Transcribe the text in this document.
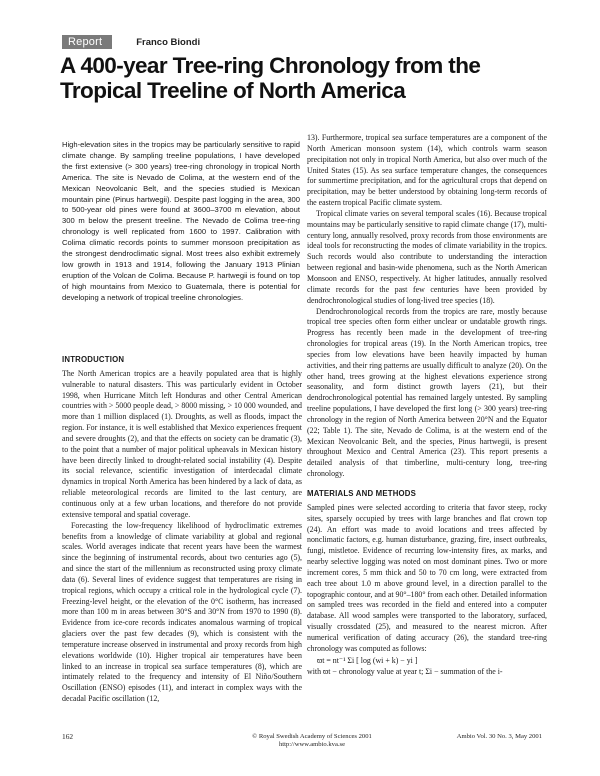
Report	Franco Biondi
A 400-year Tree-ring Chronology from the
Tropical Treeline of North America

High-elevation sites in the tropics may be particularly sensitive to rapid climate change. By sampling treeline populations, I have developed the first extensive (> 300 years) tree-ring chronology in tropical North America. The site is Nevado de Colima, at the western end of the Mexican Neovolcanic Belt, and the species studied is Mexican mountain pine (Pinus hartwegii). Despite past logging in the area, 300 to 500-year old pines were found at 3600–3700 m elevation, about 300 m below the present treeline. The Nevado de Colima tree-ring chronology is well replicated from 1600 to 1997. Calibration with Colima climatic records points to summer monsoon precipitation as the strongest dendroclimatic signal. Most trees also exhibit extremely low growth in 1913 and 1914, following the January 1913 Plinian eruption of the Volcan de Colima. Because P. hartwegii is found on top of high mountains from Mexico to Guatemala, there is potential for developing a network of tropical treeline chronologies.

INTRODUCTION

The North American tropics are a heavily populated area that is highly vulnerable to natural disasters. This was particularly evident in October 1998, when Hurricane Mitch left Honduras and other Central American countries with > 5000 people dead, > 8000 missing, > 10 000 wounded, and more than 1 million displaced (1). Droughts, as well as floods, impact the region. For instance, it is well established that Mexico experiences frequent and severe droughts (2), and that the effects on society can be dramatic (3), to the point that a number of major political upheavals in Mexican history have been directly linked to drought-related social instability (4). Despite its social relevance, scientific investigation of interdecadal climate dynamics in tropical North America has been hindered by a lack of data, as reliable meteorological records are limited to the last century, are continuous only at a few urban locations, and therefore do not provide extensive temporal and spatial coverage.

Forecasting the low-frequency likelihood of hydroclimatic extremes benefits from a knowledge of climate variability at global and regional scales. World averages indicate that recent years have been the warmest since the beginning of instrumental records, about two centuries ago (5), and since the start of the millennium as reconstructed using proxy climate data (6). Several lines of evidence suggest that temperatures are rising in tropical regions, which occupy a critical role in the hydrological cycle (7). Freezing-level height, or the elevation of the 0°C isotherm, has increased more than 100 m in areas between 30°S and 30°N from 1970 to 1990 (8). Evidence from ice-core records indicates anomalous warming of tropical glaciers over the past few decades (9), which is consistent with the temperature increase observed in instrumental and proxy records from high elevations worldwide (10). Higher tropical air temperatures have been linked to an increase in tropical sea surface temperatures (8), which are intimately related to the frequency and intensity of El Niño/Southern Oscillation (ENSO) episodes (11), and interact in complex ways with the decadal Pacific oscillation (12,

13). Furthermore, tropical sea surface temperatures are a component of the North American monsoon system (14), which controls warm season precipitation not only in tropical North America, but also over much of the United States (15). As sea surface temperature changes, the consequences for summertime precipitation, and for the agricultural crops that depend on precipitation, may be better understood by obtaining long-term records of the eastern tropical Pacific climate system.

Tropical climate varies on several temporal scales (16). Because tropical mountains may be particularly sensitive to rapid climate change (17), multi-century long, annually resolved, proxy records from those environments are ideal tools for reconstructing the modes of climate variability in the tropics. Such records would also contribute to understanding the interaction between regional and basin-wide phenomena, such as the North American Monsoon and ENSO, respectively. At higher latitudes, annually resolved climate records for the past few centuries have been provided by dendrochronological studies of long-lived tree species (18).

Dendrochronological records from the tropics are rare, mostly because tropical tree species often form either unclear or undatable growth rings. Progress has recently been made in the development of tree-ring chronologies for tropical areas (19). In the North American tropics, tree species from low elevations have been heavily impacted by human activities, and their ring patterns are usually difficult to analyze (20). On the other hand, trees growing at the highest elevations experience strong seasonality, and form distinct growth layers (21), but their dendrochronological potential has remained largely untested. By sampling treeline populations, I have developed the first long (> 300 years) tree-ring chronology in the region of North America between 20°N and the Equator (22; Table 1). The site, Nevado de Colima, is at the western end of the Mexican Neovolcanic Belt, and the species, Pinus hartwegii, is present throughout Mexico and Central America (23). This report presents a detailed analysis of that timberline, multi-century long, tree-ring chronology.

MATERIALS AND METHODS

Sampled pines were selected according to criteria that favor steep, rocky sites, sparsely occupied by trees with large branches and flat crown top (24). An effort was made to avoid locations and trees affected by nonclimatic factors, e.g. human disturbance, grazing, fire, insect outbreaks, fungi, mistletoe. Evidence of recurring low-intensity fires, ax marks, and nearby selective logging was noted on most dominant pines. Two or more increment cores, 5 mm thick and 50 to 70 cm long, were extracted from each tree about 1.0 m above ground level, in a direction parallel to the topographic contour, and at 90°–180° from each other. Detailed information on sampled trees was recorded in the field and entered into a computer database. All wood samples were transported to the laboratory, surfaced, visually crossdated (25), and measured to the nearest micron. After numerical verification of dating accuracy (26), the standard tree-ring chronology was computed as follows:

ϖt = nt⁻¹ Σi [ log (wi + k) − yi ]

with ϖt − chronology value at year t; Σi − summation of the i-

162	© Royal Swedish Academy of Sciences 2001
http://www.ambio.kva.se
Ambio Vol. 30 No. 3, May 2001
